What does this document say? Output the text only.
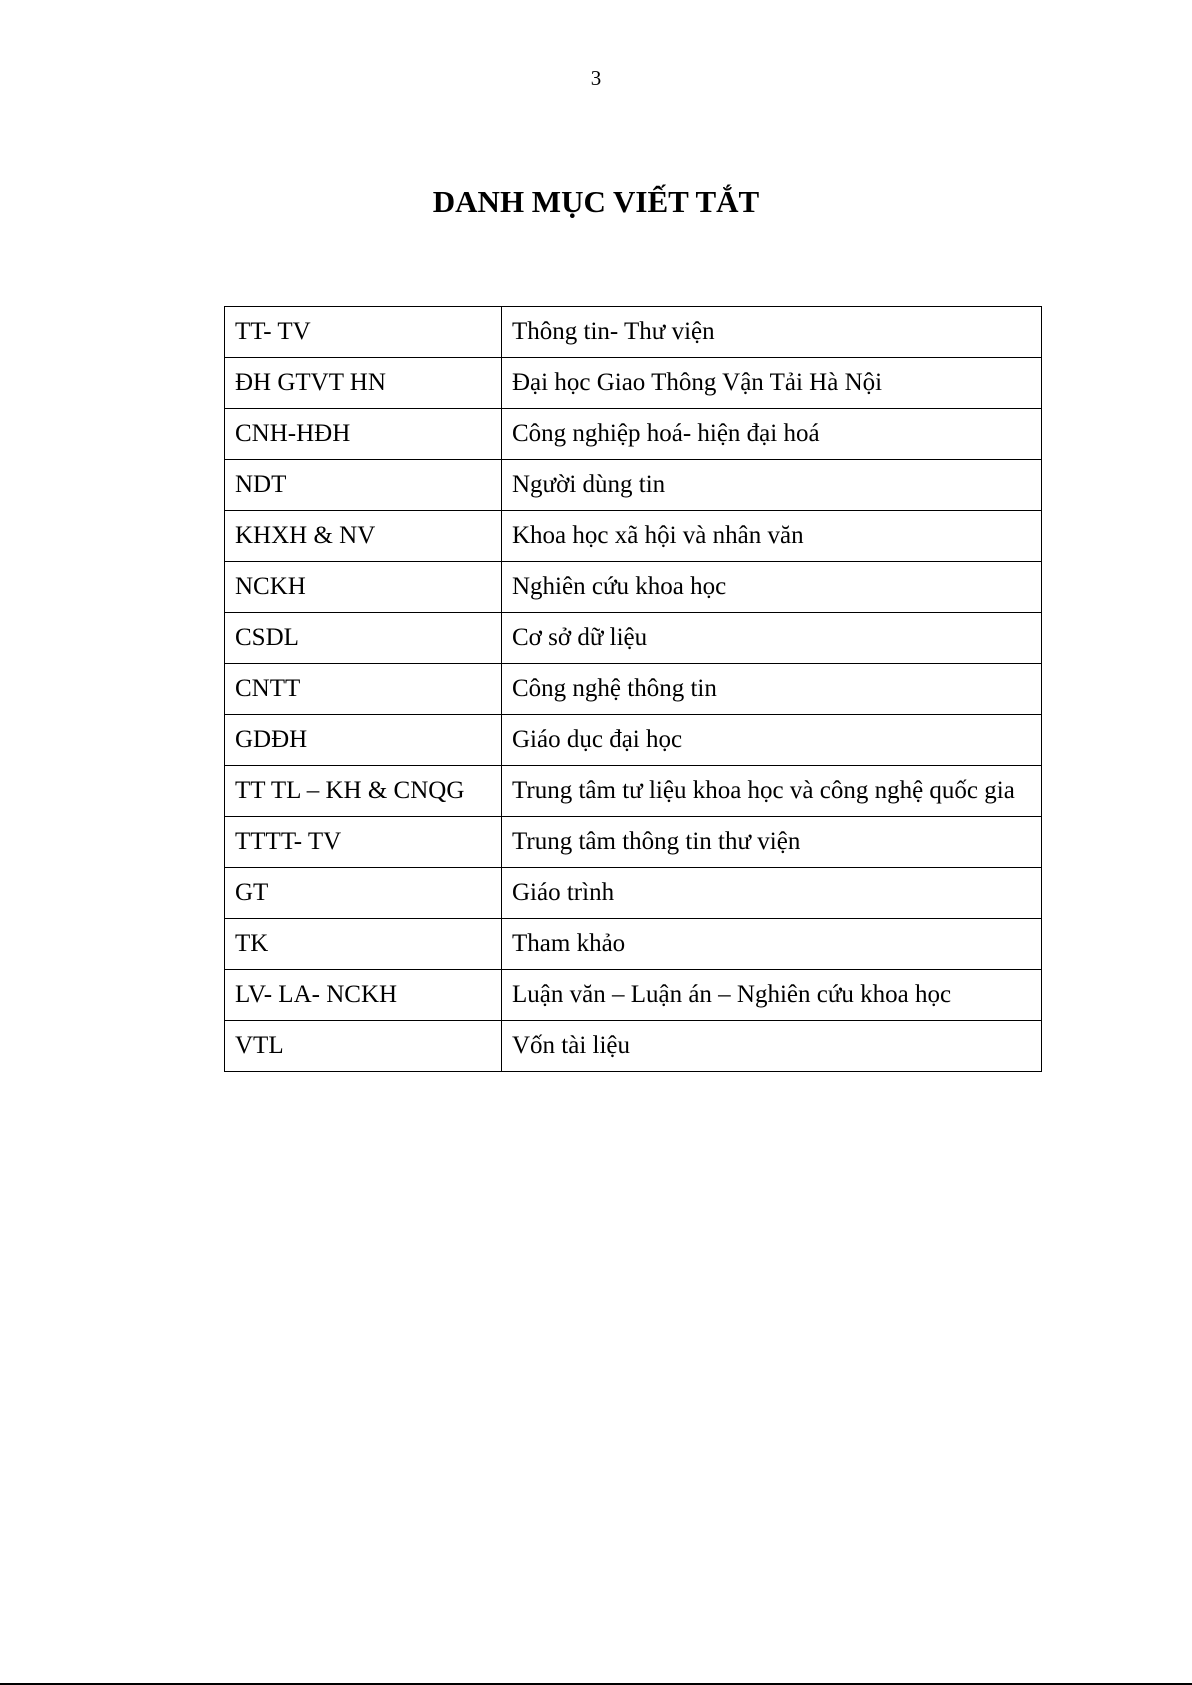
3
DANH MỤC VIẾT TẮT
TT- TV	Thông tin- Thư viện
ĐH GTVT HN	Đại học Giao Thông Vận Tải Hà Nội
CNH-HĐH	Công nghiệp hoá- hiện đại hoá
NDT	Người dùng tin
KHXH & NV	Khoa học xã hội và nhân văn
NCKH	Nghiên cứu khoa học
CSDL	Cơ sở dữ liệu
CNTT	Công nghệ thông tin
GDĐH	Giáo dục đại học
TT TL – KH & CNQG	Trung tâm tư liệu khoa học và công nghệ quốc gia
TTTT- TV	Trung tâm thông tin thư viện
GT	Giáo trình
TK	Tham khảo
LV- LA- NCKH	Luận văn – Luận án – Nghiên cứu khoa học
VTL	Vốn tài liệu
